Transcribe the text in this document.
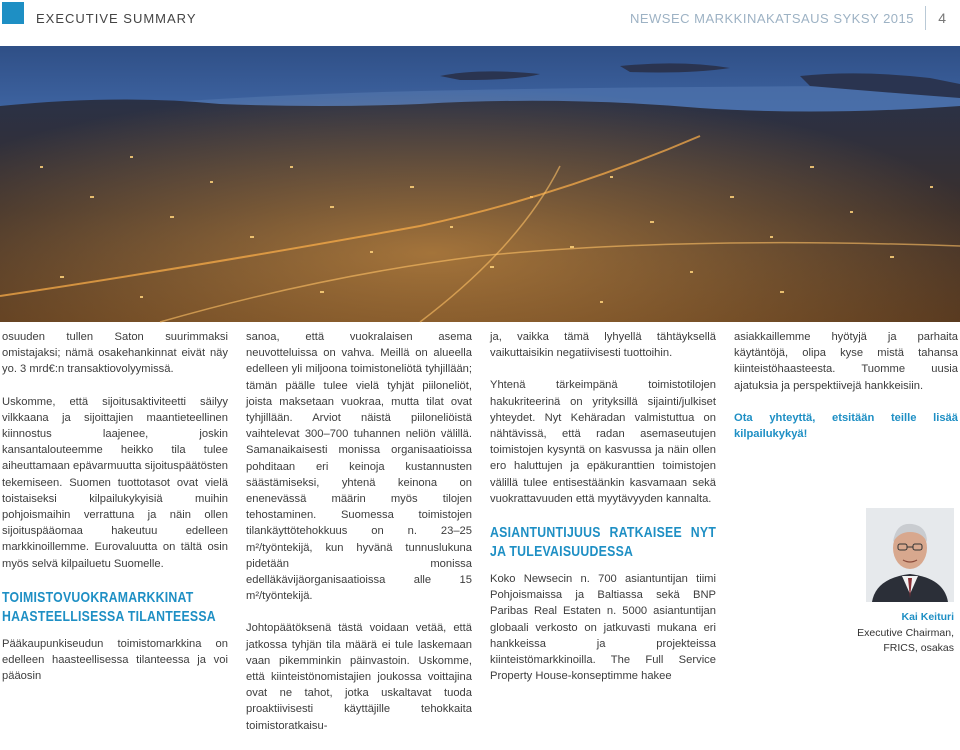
EXECUTIVE SUMMARY	NEWSEC MARKKINAKATSAUS SYKSY 2015 4

osuuden tullen Saton suurimmaksi omistajaksi; nämä osakehankinnat eivät näy yo. 3 mrd€:n transaktiovolyymissä.

Uskomme, että sijoitusaktiviteetti säilyy vilkkaana ja sijoittajien maantieteellinen kiinnostus laajenee, joskin kansantalouteemme heikko tila tulee aiheuttamaan epävarmuutta sijoituspäätösten tekemiseen. Suomen tuottotasot ovat vielä toistaiseksi kilpailukykyisiä muihin pohjoismaihin verrattuna ja näin ollen sijoituspääomaa hakeutuu edelleen markkinoillemme. Eurovaluutta on tältä osin myös selvä kilpailuetu Suomelle.

TOIMISTOVUOKRAMARKKINAT HAASTEELLISESSA TILANTEESSA

Pääkaupunkiseudun toimistomarkkina on edelleen haasteellisessa tilanteessa ja voi pääosin

sanoa, että vuokralaisen asema neuvotteluissa on vahva. Meillä on alueella edelleen yli miljoona toimistoneliötä tyhjillään; tämän päälle tulee vielä tyhjät piiloneliöt, joista maksetaan vuokraa, mutta tilat ovat tyhjillään. Arviot näistä piiloneliöistä vaihtelevat 300–700 tuhannen neliön välillä. Samanaikaisesti monissa organisaatioissa pohditaan eri keinoja kustannusten säästämiseksi, yhtenä keinona on enenevässä määrin myös tilojen tehostaminen. Suomessa toimistojen tilankäyttötehokkuus on n. 23–25 m²/työntekijä, kun hyvänä tunnuslukuna pidetään monissa edelläkävijäorganisaatioissa alle 15 m²/työntekijä.

Johtopäätöksenä tästä voidaan vetää, että jatkossa tyhjän tila määrä ei tule laskemaan vaan pikemminkin päinvastoin. Uskomme, että kiinteistönomistajien joukossa voittajina ovat ne tahot, jotka uskaltavat tuoda proaktiivisesti käyttäjille tehokkaita toimistoratkaisu-

ja, vaikka tämä lyhyellä tähtäyksellä vaikuttaisikin negatiivisesti tuottoihin.

Yhtenä tärkeimpänä toimistotilojen hakukriteerinä on yrityksillä sijainti/julkiset yhteydet. Nyt Kehäradan valmistuttua on nähtävissä, että radan asemaseutujen toimistojen kysyntä on kasvussa ja näin ollen ero haluttujen ja epäkuranttien toimistojen välillä tulee entisestäänkin kasvamaan sekä vuokrattavuuden että myytävyyden kannalta.

ASIANTUNTIJUUS RATKAISEE NYT JA TULEVAISUUDESSA

Koko Newsecin n. 700 asiantuntijan tiimi Pohjoismaissa ja Baltiassa sekä BNP Paribas Real Estaten n. 5000 asiantuntijan globaali verkosto on jatkuvasti mukana eri hankkeissa ja projekteissa kiinteistömarkkinoilla. The Full Service Property House-konseptimme hakee

asiakkaillemme hyötyjä ja parhaita käytäntöjä, olipa kyse mistä tahansa kiinteistöhaasteesta. Tuomme uusia ajatuksia ja perspektiivejä hankkeisiin.

Ota yhteyttä, etsitään teille lisää kilpailukykyä!

Kai Keituri
Executive Chairman,
FRICS, osakas
